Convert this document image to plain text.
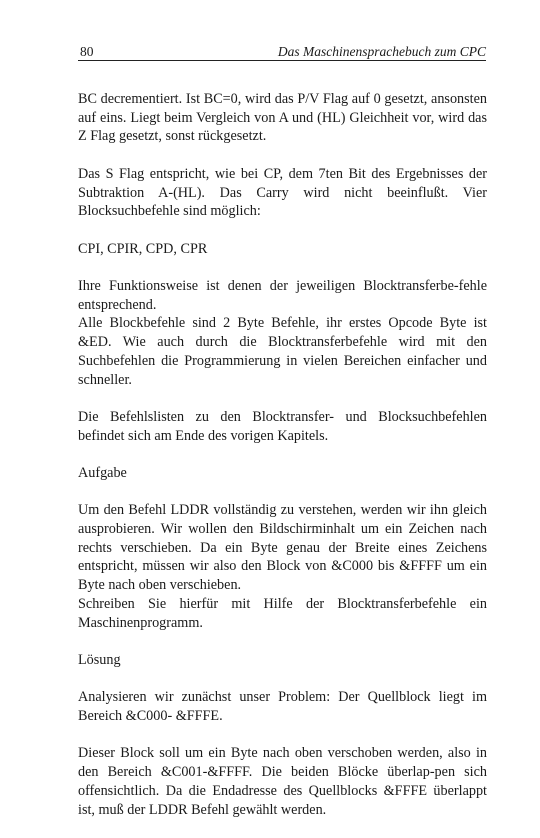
80	Das Maschinensprachebuch zum CPC

BC decrementiert. Ist BC=0, wird das P/V Flag auf 0 gesetzt, ansonsten auf eins. Liegt beim Vergleich von A und (HL) Gleichheit vor, wird das Z Flag gesetzt, sonst rückgesetzt.

Das S Flag entspricht, wie bei CP, dem 7ten Bit des Ergebnisses der Subtraktion A-(HL). Das Carry wird nicht beeinflußt. Vier Blocksuchbefehle sind möglich:

CPI, CPIR, CPD, CPR

Ihre Funktionsweise ist denen der jeweiligen Blocktransferbe-fehle entsprechend.

Alle Blockbefehle sind 2 Byte Befehle, ihr erstes Opcode Byte ist &ED. Wie auch durch die Blocktransferbefehle wird mit den Suchbefehlen die Programmierung in vielen Bereichen einfacher und schneller.

Die Befehlslisten zu den Blocktransfer- und Blocksuchbefehlen befindet sich am Ende des vorigen Kapitels.

Aufgabe

Um den Befehl LDDR vollständig zu verstehen, werden wir ihn gleich ausprobieren. Wir wollen den Bildschirminhalt um ein Zeichen nach rechts verschieben. Da ein Byte genau der Breite eines Zeichens entspricht, müssen wir also den Block von &C000 bis &FFFF um ein Byte nach oben verschieben.

Schreiben Sie hierfür mit Hilfe der Blocktransferbefehle ein Maschinenprogramm.

Lösung

Analysieren wir zunächst unser Problem: Der Quellblock liegt im Bereich &C000- &FFFE.

Dieser Block soll um ein Byte nach oben verschoben werden, also in den Bereich &C001-&FFFF. Die beiden Blöcke überlap-pen sich offensichtlich. Da die Endadresse des Quellblocks &FFFE überlappt ist, muß der LDDR Befehl gewählt werden.
